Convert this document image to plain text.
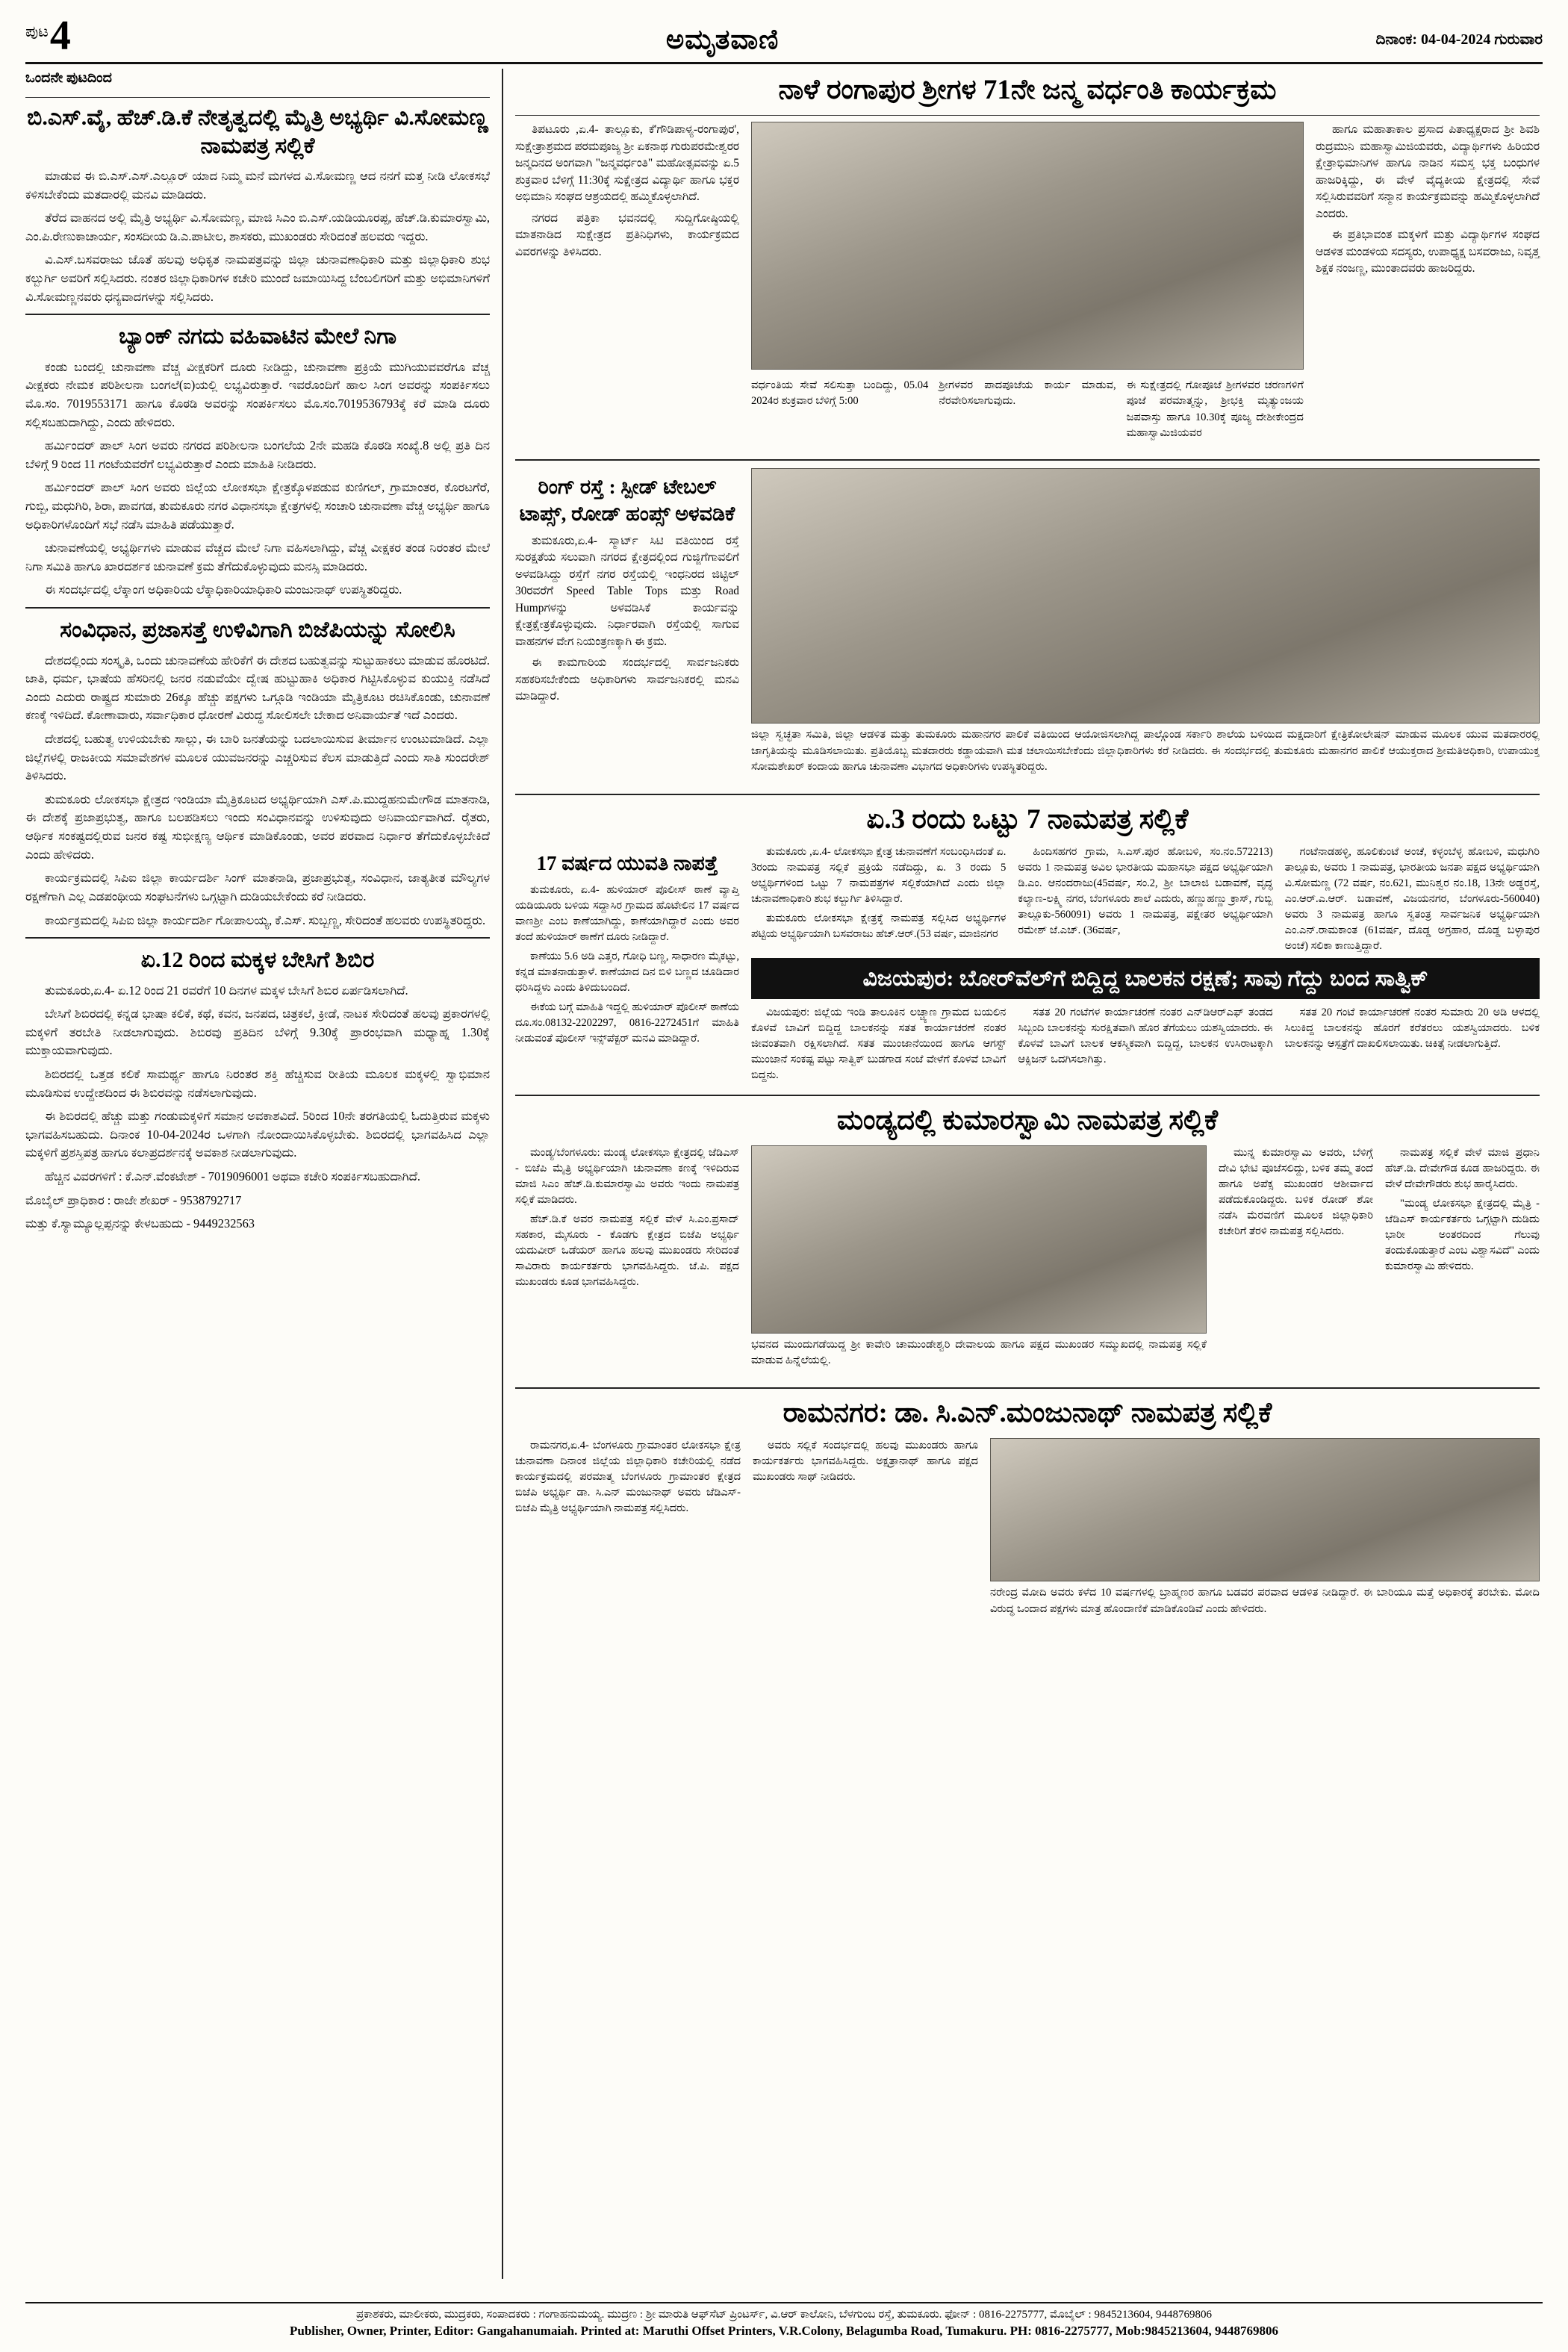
ಪುಟ 4	ಅಮೃತವಾಣಿ	ದಿನಾಂಕ: 04-04-2024 ಗುರುವಾರ
ಒಂದನೇ ಪುಟದಿಂದ
ಬಿ.ಎಸ್.ವೈ, ಹೆಚ್.ಡಿ.ಕೆ ನೇತೃತ್ವದಲ್ಲಿ ಮೈತ್ರಿ ಅಭ್ಯರ್ಥಿ ವಿ.ಸೋಮಣ್ಣ ನಾಮಪತ್ರ ಸಲ್ಲಿಕೆ

ಮಾಡುವ ಈ ಬಿ.ಎಸ್.ಎಸ್.ಎಲ್ಲೂರ್ ಯಾದ ನಿಮ್ಮ ಮನೆ ಮಗಳದ ವಿ.ಸೋಮಣ್ಣ ಆದ ನನಗೆ ಮತ್ತ ನೀಡಿ ಲೋಕಸಭೆ ಕಳಿಸಬೇಕೆಂದು ಮತದಾರಲ್ಲಿ ಮನವಿ ಮಾಡಿದರು.

ತೆರೆದ ವಾಹನದ ಅಲ್ಲಿ ಮೈತ್ರಿ ಅಭ್ಯರ್ಥಿ ವಿ.ಸೋಮಣ್ಣ, ಮಾಜಿ ಸಿಎಂ ಬಿ.ಎಸ್.ಯಡಿಯೂರಪ್ಪ, ಹೆಚ್.ಡಿ.ಕುಮಾರಸ್ವಾಮಿ, ಎಂ.ಪಿ.ರೇಣುಕಾಚಾರ್ಯ, ಸಂಸದೀಯ ಡಿ.ಎ.ಪಾಟೀಲ, ಶಾಸಕರು, ಮುಖಂಡರು ಸೇರಿದಂತೆ ಹಲವರು ಇದ್ದರು.

ವಿ.ಎಸ್.ಬಸವರಾಜು ಜೊತೆ ಹಲವು ಅಧಿಕೃತ ನಾಮಪತ್ರವನ್ನು ಜಿಲ್ಲಾ ಚುನಾವಣಾಧಿಕಾರಿ ಮತ್ತು ಜಿಲ್ಲಾಧಿಕಾರಿ ಶುಭ ಕಲ್ಬುರ್ಗಿ ಅವರಿಗೆ ಸಲ್ಲಿಸಿದರು. ನಂತರ ಜಿಲ್ಲಾಧಿಕಾರಿಗಳ ಕಚೇರಿ ಮುಂದೆ ಜಮಾಯಿಸಿದ್ದ ಬೆಂಬಲಿಗರಿಗೆ ಮತ್ತು ಅಭಿಮಾನಿಗಳಿಗೆ ವಿ.ಸೋಮಣ್ಣನವರು ಧನ್ಯವಾದಗಳನ್ನು ಸಲ್ಲಿಸಿದರು.

ಬ್ಯಾಂಕ್ ನಗದು ವಹಿವಾಟಿನ ಮೇಲೆ ನಿಗಾ

ಕಂಡು ಬಂದಲ್ಲಿ ಚುನಾವಣಾ ವೆಚ್ಚ ವೀಕ್ಷಕರಿಗೆ ದೂರು ನೀಡಿದ್ದು, ಚುನಾವಣಾ ಪ್ರಕ್ರಿಯೆ ಮುಗಿಯುವವರೆಗೂ ವೆಚ್ಚ ವೀಕ್ಷಕರು ನೇಮಕ ಪರಿಶೀಲನಾ ಬಂಗಲೆ(ಐ)ಯಲ್ಲಿ ಲಭ್ಯವಿರುತ್ತಾರೆ. ಇವರೊಂದಿಗೆ ಹಾಲ ಸಿಂಗ ಅವರನ್ನು ಸಂಪರ್ಕಿಸಲು ಮೊ.ಸಂ. 7019553171 ಹಾಗೂ ಕೊಠಡಿ ಅವರನ್ನು ಸಂಪರ್ಕಿಸಲು ಮೊ.ಸಂ.7019536793ಕ್ಕೆ ಕರೆ ಮಾಡಿ ದೂರು ಸಲ್ಲಿಸಬಹುದಾಗಿದ್ದು, ಎಂದು ಹೇಳಿದರು.

ಹರ್ಮಿಂದರ್ ಪಾಲ್ ಸಿಂಗ ಅವರು ನಗರದ ಪರಿಶೀಲನಾ ಬಂಗಲೆಯ 2ನೇ ಮಹಡಿ ಕೊಠಡಿ ಸಂಖ್ಯೆ.8 ಅಲ್ಲಿ ಪ್ರತಿ ದಿನ ಬೆಳಿಗ್ಗೆ 9 ರಿಂದ 11 ಗಂಟೆಯವರೆಗೆ ಲಭ್ಯವಿರುತ್ತಾರೆ ಎಂದು ಮಾಹಿತಿ ನೀಡಿದರು.

ಹರ್ಮಿಂದರ್ ಪಾಲ್ ಸಿಂಗ ಅವರು ಜಿಲ್ಲೆಯ ಲೋಕಸಭಾ ಕ್ಷೇತ್ರಕ್ಕೊಳಪಡುವ ಕುಣಿಗಲ್, ಗ್ರಾಮಾಂತರ, ಕೊರಟಗೆರೆ, ಗುಬ್ಬಿ, ಮಧುಗಿರಿ, ಶಿರಾ, ಪಾವಗಡ, ತುಮಕೂರು ನಗರ ವಿಧಾನಸಭಾ ಕ್ಷೇತ್ರಗಳಲ್ಲಿ ಸಂಚಾರಿ ಚುನಾವಣಾ ವೆಚ್ಚ ಅಭ್ಯರ್ಥಿ ಹಾಗೂ ಅಧಿಕಾರಿಗಳೊಂದಿಗೆ ಸಭೆ ನಡೆಸಿ ಮಾಹಿತಿ ಪಡೆಯುತ್ತಾರೆ.

ಚುನಾವಣೆಯಲ್ಲಿ ಅಭ್ಯರ್ಥಿಗಳು ಮಾಡುವ ವೆಚ್ಚದ ಮೇಲೆ ನಿಗಾ ವಹಿಸಲಾಗಿದ್ದು, ವೆಚ್ಚ ವೀಕ್ಷಕರ ತಂಡ ನಿರಂತರ ಮೇಲೆ ನಿಗಾ ಸಮಿತಿ ಹಾಗೂ ಖಾರದರ್ಶಕ ಚುನಾವಣೆ ಕ್ರಮ ತೆಗೆದುಕೊಳ್ಳುವುದು ಮನಸ್ಸಿ ಮಾಡಿದರು.

ಈ ಸಂದರ್ಭದಲ್ಲಿ ಲೆಕ್ಕಾಂಗ ಅಧಿಕಾರಿಯ ಲೆಕ್ಕಾಧಿಕಾರಿಯಾಧಿಕಾರಿ ಮಂಜುನಾಥ್ ಉಪಸ್ಥಿತರಿದ್ದರು.

ಸಂವಿಧಾನ, ಪ್ರಜಾಸತ್ತೆ ಉಳಿವಿಗಾಗಿ ಬಿಜೆಪಿಯನ್ನು ಸೋಲಿಸಿ

ದೇಶದಲ್ಲಿಂದು ಸಂಸ್ಕೃತಿ, ಒಂದು ಚುನಾವಣೆಯ ಹೇರಿಕೆಗೆ ಈ ದೇಶದ ಬಹುತ್ವವನ್ನು ಸುಟ್ಟುಹಾಕಲು ಮಾಡುವ ಹೊರಟಿದೆ. ಜಾತಿ, ಧರ್ಮ, ಭಾಷೆಯ ಹೆಸರಿನಲ್ಲಿ ಜನರ ನಡುವೆಯೇ ದ್ವೇಷ ಹುಟ್ಟುಹಾಕಿ ಅಧಿಕಾರ ಗಿಟ್ಟಿಸಿಕೊಳ್ಳುವ ಕುಯುಕ್ತಿ ನಡೆಸಿದೆ ಎಂದು ಎದುರು ರಾಷ್ಟ್ರದ ಸುಮಾರು 26ಕ್ಕೂ ಹೆಚ್ಚು ಪಕ್ಷಗಳು ಒಗ್ಗೂಡಿ ಇಂಡಿಯಾ ಮೈತ್ರಿಕೂಟ ರಚಿಸಿಕೊಂಡು, ಚುನಾವಣೆ ಕಣಕ್ಕೆ ಇಳಿದಿದೆ. ಕೋಣಾವಾರು, ಸರ್ವಾಧಿಕಾರ ಧೋರಣೆ ವಿರುದ್ಧ ಸೋಲಿಸಲೇ ಬೇಕಾದ ಅನಿವಾರ್ಯತೆ ಇದೆ ಎಂದರು.

ದೇಶದಲ್ಲಿ ಬಹುತ್ವ ಉಳಿಯಬೇಕು ಸಾಲ್ಲು, ಈ ಬಾರಿ ಜನತೆಯನ್ನು ಬದಲಾಯಿಸುವ ತೀರ್ಮಾನ ಉಂಟುಮಾಡಿದೆ. ಎಲ್ಲಾ ಜಿಲ್ಲೆಗಳಲ್ಲಿ ರಾಜಕೀಯ ಸಮಾವೇಶಗಳ ಮೂಲಕ ಯುವಜನರನ್ನು ಎಚ್ಚರಿಸುವ ಕೆಲಸ ಮಾಡುತ್ತಿದೆ ಎಂದು ಸಾತಿ ಸುಂದರೇಶ್ ತಿಳಿಸಿದರು.

ತುಮಕೂರು ಲೋಕಸಭಾ ಕ್ಷೇತ್ರದ ಇಂಡಿಯಾ ಮೈತ್ರಿಕೂಟದ ಅಭ್ಯರ್ಥಿಯಾಗಿ ಎಸ್.ಪಿ.ಮುದ್ದಹನುಮೇಗೌಡ ಮಾತನಾಡಿ, ಈ ದೇಶಕ್ಕೆ ಪ್ರಜಾಪ್ರಭುತ್ವ, ಹಾಗೂ ಬಲಪಡಿಸಲು ಇಂದು ಸಂವಿಧಾನವನ್ನು ಉಳಿಸುವುದು ಅನಿವಾರ್ಯವಾಗಿದೆ. ರೈತರು, ಆರ್ಥಿಕ ಸಂಕಷ್ಟದಲ್ಲಿರುವ ಜನರ ಕಷ್ಟ ಸುಭೀಕ್ಷಣ್ಯ ಆರ್ಥಿಕ ಮಾಡಿಕೊಂಡು, ಅವರ ಪರವಾದ ನಿರ್ಧಾರ ತೆಗೆದುಕೊಳ್ಳಬೇಕಿದೆ ಎಂದು ಹೇಳಿದರು.

ಕಾರ್ಯಕ್ರಮದಲ್ಲಿ ಸಿಪಿಐ ಜಿಲ್ಲಾ ಕಾರ್ಯದರ್ಶಿ ಸಿಂಗ್ ಮಾತನಾಡಿ, ಪ್ರಜಾಪ್ರಭುತ್ವ, ಸಂವಿಧಾನ, ಜಾತ್ಯತೀತ ಮೌಲ್ಯಗಳ ರಕ್ಷಣೆಗಾಗಿ ಎಲ್ಲ ಎಡಪಂಥೀಯ ಸಂಘಟನೆಗಳು ಒಗ್ಗಟ್ಟಾಗಿ ದುಡಿಯಬೇಕೆಂದು ಕರೆ ನೀಡಿದರು.

ಕಾರ್ಯಕ್ರಮದಲ್ಲಿ ಸಿಪಿಐ ಜಿಲ್ಲಾ ಕಾರ್ಯದರ್ಶಿ ಗೋಪಾಲಯ್ಯ, ಕೆ.ಎಸ್. ಸುಬ್ಬಣ್ಣ, ಸೇರಿದಂತೆ ಹಲವರು ಉಪಸ್ಥಿತರಿದ್ದರು.

ಏ.12 ರಿಂದ ಮಕ್ಕಳ ಬೇಸಿಗೆ ಶಿಬಿರ

ತುಮಕೂರು,ಏ.4- ಏ.12 ರಿಂದ 21 ರವರೆಗೆ 10 ದಿನಗಳ ಮಕ್ಕಳ ಬೇಸಿಗೆ ಶಿಬಿರ ಏರ್ಪಡಿಸಲಾಗಿದೆ.

ಬೇಸಿಗೆ ಶಿಬಿರದಲ್ಲಿ ಕನ್ನಡ ಭಾಷಾ ಕಲಿಕೆ, ಕಥೆ, ಕವನ, ಜನಪದ, ಚಿತ್ರಕಲೆ, ಕ್ರೀಡೆ, ನಾಟಕ ಸೇರಿದಂತೆ ಹಲವು ಪ್ರಕಾರಗಳಲ್ಲಿ ಮಕ್ಕಳಿಗೆ ತರಬೇತಿ ನೀಡಲಾಗುವುದು. ಶಿಬಿರವು ಪ್ರತಿದಿನ ಬೆಳಿಗ್ಗೆ 9.30ಕ್ಕೆ ಪ್ರಾರಂಭವಾಗಿ ಮಧ್ಯಾಹ್ನ 1.30ಕ್ಕೆ ಮುಕ್ತಾಯವಾಗುವುದು.

ಶಿಬಿರದಲ್ಲಿ ಒತ್ತಡ ಕಲಿಕೆ ಸಾಮರ್ಥ್ಯ ಹಾಗೂ ನಿರಂತರ ಶಕ್ತಿ ಹೆಚ್ಚಿಸುವ ರೀತಿಯ ಮೂಲಕ ಮಕ್ಕಳಲ್ಲಿ ಸ್ವಾಭಿಮಾನ ಮೂಡಿಸುವ ಉದ್ದೇಶದಿಂದ ಈ ಶಿಬಿರವನ್ನು ನಡೆಸಲಾಗುವುದು.

ಈ ಶಿಬಿರದಲ್ಲಿ ಹೆಚ್ಚು ಮತ್ತು ಗಂಡುಮಕ್ಕಳಿಗೆ ಸಮಾನ ಅವಕಾಶವಿದೆ. 5ರಿಂದ 10ನೇ ತರಗತಿಯಲ್ಲಿ ಓದುತ್ತಿರುವ ಮಕ್ಕಳು ಭಾಗವಹಿಸಬಹುದು. ದಿನಾಂಕ 10-04-2024ರ ಒಳಗಾಗಿ ನೋಂದಾಯಿಸಿಕೊಳ್ಳಬೇಕು. ಶಿಬಿರದಲ್ಲಿ ಭಾಗವಹಿಸಿದ ಎಲ್ಲಾ ಮಕ್ಕಳಿಗೆ ಪ್ರಶಸ್ತಿಪತ್ರ ಹಾಗೂ ಕಲಾಪ್ರದರ್ಶನಕ್ಕೆ ಅವಕಾಶ ನೀಡಲಾಗುವುದು.

ಹೆಚ್ಚಿನ ವಿವರಗಳಿಗೆ : ಕೆ.ಎನ್.ವೆಂಕಟೇಶ್ - 7019096001 ಅಥವಾ ಕಚೇರಿ ಸಂಪರ್ಕಿಸಬಹುದಾಗಿದೆ.

ಮೊಬೈಲ್ ಪ್ರಾಧಿಕಾರ : ರಾಜೇ ಶೇಖರ್ - 9538792717

ಮತ್ತು ಕೆ.ಸ್ಯಾಮ್ಯೂಲ್ಲಪ್ಪನನ್ನು ಕೇಳಬಹುದು - 9449232563

ನಾಳೆ ರಂಗಾಪುರ ಶ್ರೀಗಳ 71ನೇ ಜನ್ಮ ವರ್ಧಂತಿ ಕಾರ್ಯಕ್ರಮ

ತಿಪಟೂರು ,ಏ.4- ತಾಲ್ಲೂಕು, ಕೆ'ಗೌಡಿಪಾಳ್ಯ-ರಂಗಾಪುರ', ಸುಕ್ಷೇತ್ರಾಶ್ರಮದ ಪರಮಪೂಜ್ಯ ಶ್ರೀ ಏಕನಾಥ ಗುರುಪರಮೇಶ್ವರರ ಜನ್ಮದಿನದ ಅಂಗವಾಗಿ "ಜನ್ಮವರ್ಧಂತಿ" ಮಹೋತ್ಸವವನ್ನು ಏ.5 ಶುಕ್ರವಾರ ಬೆಳಿಗ್ಗೆ 11:30ಕ್ಕೆ ಸುಕ್ಷೇತ್ರದ ವಿದ್ಯಾರ್ಥಿ ಹಾಗೂ ಭಕ್ತರ ಅಭಿಮಾನಿ ಸಂಘದ ಆಶ್ರಯದಲ್ಲಿ ಹಮ್ಮಿಕೊಳ್ಳಲಾಗಿದೆ.

ನಗರದ ಪತ್ರಿಕಾ ಭವನದಲ್ಲಿ ಸುದ್ದಿಗೋಷ್ಠಿಯಲ್ಲಿ ಮಾತನಾಡಿದ ಸುಕ್ಷೇತ್ರದ ಪ್ರತಿನಿಧಿಗಳು, ಕಾರ್ಯಕ್ರಮದ ವಿವರಗಳನ್ನು ತಿಳಿಸಿದರು.

ವರ್ಧಂತಿಯ ಸೇವೆ ಸಲಿಸುತ್ತಾ ಬಂದಿದ್ದು, 05.04 2024ರ ಶುಕ್ರವಾರ ಬೆಳಿಗ್ಗೆ 5:00

ಶ್ರೀಗಳವರ ಪಾದಪೂಜೆಯ ಕಾರ್ಯ ಮಾಡುವ, ನೆರವೇರಿಸಲಾಗುವುದು.

ಈ ಸುಕ್ಷೇತ್ರದಲ್ಲಿ ಗೋಪೂಜೆ ಶ್ರೀಗಳವರ ಚರಣಗಳಿಗೆ ಪೂಜೆ ಪರಮಾತ್ಮನ್ನು, ಶ್ರೀಭಕ್ತಿ ಮೃತ್ಯುಂಜಯ ಜಪವಾಸ್ತು ಹಾಗೂ 10.30ಕ್ಕೆ ಪೂಜ್ಯ ದೇಶೀಕೇಂದ್ರದ ಮಹಾಸ್ವಾಮಿಜಿಯವರ

ಹಾಗೂ ಮಹಾತಾಕಾಲ ಪ್ರಸಾದ ಪಿತಾಧ್ಯಕ್ಷರಾದ ಶ್ರೀ ಶಿವಶಿ ರುದ್ರಮುನಿ ಮಹಾಸ್ವಾಮಿಜಿಯವರು, ವಿದ್ಯಾರ್ಥಿಗಳು ಹಿರಿಯರ ಕ್ಷೇತ್ರಾಭಿಮಾನಿಗಳ ಹಾಗೂ ನಾಡಿನ ಸಮಸ್ತ ಭಕ್ತ ಬಂಧುಗಳ ಹಾಜರಿಕ್ಕಿದ್ದು, ಈ ವೇಳೆ ವೈದ್ಯಕೀಯ ಕ್ಷೇತ್ರದಲ್ಲಿ ಸೇವೆ ಸಲ್ಲಿಸಿರುವವರಿಗೆ ಸನ್ಮಾನ ಕಾರ್ಯಕ್ರಮವನ್ನು ಹಮ್ಮಿಕೊಳ್ಳಲಾಗಿದೆ ಎಂದರು.

ಈ ಪ್ರತಿಭಾವಂತ ಮಕ್ಕಳಿಗೆ ಮತ್ತು ವಿದ್ಯಾರ್ಥಿಗಳ ಸಂಘದ ಆಡಳಿತ ಮಂಡಳಿಯ ಸದಸ್ಯರು, ಉಪಾಧ್ಯಕ್ಷ ಬಸವರಾಜು, ನಿವೃತ್ತ ಶಿಕ್ಷಕ ನಂಜಣ್ಣ, ಮುಂತಾದವರು ಹಾಜರಿದ್ದರು.

ರಿಂಗ್ ರಸ್ತೆ : ಸ್ಪೀಡ್ ಟೇಬಲ್ ಟಾಪ್ಸ್, ರೋಡ್ ಹಂಪ್ಸ್ ಅಳವಡಿಕೆ

ತುಮಕೂರು,ಏ.4- ಸ್ಮಾರ್ಟ್ ಸಿಟಿ ವತಿಯಿಂದ ರಸ್ತೆ ಸುರಕ್ಷತೆಯ ಸಲುವಾಗಿ ನಗರದ ಕ್ಷೇತ್ರದಲ್ಲಿಂದ ಗುಜ್ಜಿಗೆಗಾವಲಿಗೆ ಅಳವಡಿಸಿದ್ದು ರಸ್ತೆಗೆ ನಗರ ರಸ್ತೆಯಲ್ಲಿ ಇಂಧನಿರದ ಜಿಟ್ಟಿಲ್ 30ರವರೆಗೆ Speed Table Tops ಮತ್ತು Road Humpಗಳನ್ನು ಅಳವಡಿಸಿಕೆ ಕಾರ್ಯವನ್ನು ಕ್ಷೇತ್ರಕ್ಷೇತ್ರಕೊಳ್ಳುವುದು. ನಿರ್ಧಾರವಾಗಿ ರಸ್ತೆಯಲ್ಲಿ ಸಾಗುವ ವಾಹನಗಳ ವೇಗ ನಿಯಂತ್ರಣಕ್ಕಾಗಿ ಈ ಕ್ರಮ.

ಈ ಕಾಮಗಾರಿಯ ಸಂದರ್ಭದಲ್ಲಿ ಸಾರ್ವಜನಿಕರು ಸಹಕರಿಸಬೇಕೆಂದು ಅಧಿಕಾರಿಗಳು ಸಾರ್ವಜನಿಕರಲ್ಲಿ ಮನವಿ ಮಾಡಿದ್ದಾರೆ.

ಜಿಲ್ಲಾ ಸ್ವಚ್ಛತಾ ಸಮಿತಿ, ಜಿಲ್ಲಾ ಆಡಳಿತ ಮತ್ತು ತುಮಕೂರು ಮಹಾನಗರ ಪಾಲಿಕೆ ವತಿಯಿಂದ ಆಯೋಜಿಸಲಾಗಿದ್ದ ಪಾಲ್ಗೊಂಡ ಸರ್ಕಾರಿ ಶಾಲೆಯ ಬಳಿಯಿದ ಮಕ್ಷದಾರಿಗೆ ಕ್ಷೇತ್ರಿಕೋಲೇಷನ್ ಮಾಡುವ ಮೂಲಕ ಯುವ ಮತದಾರರಲ್ಲಿ ಜಾಗೃತಿಯನ್ನು ಮೂಡಿಸಲಾಯಿತು. ಪ್ರತಿಯೊಬ್ಬ ಮತದಾರರು ಕಡ್ಡಾಯವಾಗಿ ಮತ ಚಲಾಯಿಸಬೇಕೆಂದು ಜಿಲ್ಲಾಧಿಕಾರಿಗಳು ಕರೆ ನೀಡಿದರು. ಈ ಸಂದರ್ಭದಲ್ಲಿ ತುಮಕೂರು ಮಹಾನಗರ ಪಾಲಿಕೆ ಆಯುಕ್ತರಾದ ಶ್ರೀಮತಿಅಧಿಕಾರಿ, ಉಪಾಯುಕ್ತ ಸೋಮಶೇಖರ್ ಕಂದಾಯ ಹಾಗೂ ಚುನಾವಣಾ ವಿಭಾಗದ ಅಧಿಕಾರಿಗಳು ಉಪಸ್ಥಿತರಿದ್ದರು.

ಏ.3 ರಂದು ಒಟ್ಟು 7 ನಾಮಪತ್ರ ಸಲ್ಲಿಕೆ
17 ವರ್ಷದ ಯುವತಿ ನಾಪತ್ತೆ

ತುಮಕೂರು, ಏ.4- ಹುಳಿಯಾರ್ ಪೊಲೀಸ್ ಠಾಣೆ ವ್ಯಾಪ್ತಿ ಯಡಿಯೂರು ಬಳಿಯ ಸದ್ದಾಸಿರ ಗ್ರಾಮದ ಹೊಟೇಲಿನ 17 ವರ್ಷದ ವಾಣಶ್ರೀ ಎಂಬ ಕಾಣೆಯಾಗಿದ್ದು, ಕಾಣೆಯಾಗಿದ್ದಾರೆ ಎಂದು ಅವರ ತಂದೆ ಹುಳಿಯಾರ್ ಠಾಣೆಗೆ ದೂರು ನೀಡಿದ್ದಾರೆ.

ಕಾಣೆಯು 5.6 ಅಡಿ ಎತ್ತರ, ಗೋಧಿ ಬಣ್ಣ, ಸಾಧಾರಣ ಮೈಕಟ್ಟು, ಕನ್ನಡ ಮಾತನಾಡುತ್ತಾಳೆ. ಕಾಣೆಯಾದ ದಿನ ಬಿಳಿ ಬಣ್ಣದ ಚೂಡಿದಾರ ಧರಿಸಿದ್ದಳು ಎಂದು ತಿಳಿದುಬಂದಿದೆ.

ಈಕೆಯ ಬಗ್ಗೆ ಮಾಹಿತಿ ಇದ್ದಲ್ಲಿ ಹುಳಿಯಾರ್ ಪೊಲೀಸ್ ಠಾಣೆಯ ದೂ.ಸಂ.08132-2202297, 0816-2272451ಗೆ ಮಾಹಿತಿ ನೀಡುವಂತೆ ಪೊಲೀಸ್ ಇನ್ಸ್‌ಪೆಕ್ಟರ್ ಮನವಿ ಮಾಡಿದ್ದಾರೆ.

ತುಮಕೂರು ,ಏ.4- ಲೋಕಸಭಾ ಕ್ಷೇತ್ರ ಚುನಾವಣೆಗೆ ಸಂಬಂಧಿಸಿದಂತೆ ಏ. 3ರಂದು ನಾಮಪತ್ರ ಸಲ್ಲಿಕೆ ಪ್ರಕ್ರಿಯೆ ನಡೆದಿದ್ದು, ಏ. 3 ರಂದು 5 ಅಭ್ಯರ್ಥಿಗಳಿಂದ ಒಟ್ಟು 7 ನಾಮಪತ್ರಗಳ ಸಲ್ಲಿಕೆಯಾಗಿದೆ ಎಂದು ಜಿಲ್ಲಾ ಚುನಾವಣಾಧಿಕಾರಿ ಶುಭ ಕಲ್ಬುರ್ಗಿ ತಿಳಿಸಿದ್ದಾರೆ.

ತುಮಕೂರು ಲೋಕಸಭಾ ಕ್ಷೇತ್ರಕ್ಕೆ ನಾಮಪತ್ರ ಸಲ್ಲಿಸಿದ ಅಭ್ಯರ್ಥಿಗಳ ಪಟ್ಟಿಯ ಅಭ್ಯರ್ಥಿಯಾಗಿ ಬಸವರಾಜು ಹೆಚ್.ಆರ್.(53 ವರ್ಷ, ಮಾಜಿನಗರ

ಹಿಂದಿಸಹಗರ ಗ್ರಾಮ, ಸಿ.ಎಸ್.ಪುರ ಹೋಬಳಿ, ಸಂ.ನಂ.572213) ಅವರು 1 ನಾಮಪತ್ರ ಅವಿಲ ಭಾರತೀಯ ಮಹಾಸಭಾ ಪಕ್ಷದ ಅಭ್ಯರ್ಥಿಯಾಗಿ ಡಿ.ಎಂ. ಆನಂದರಾಜು(45ವರ್ಷ, ಸಂ.2, ಶ್ರೀ ಬಾಲಾಜಿ ಬಡಾವಣೆ, ವೃದ್ಧ ಕಲ್ಯಾಣ-ಲಕ್ಷ್ಮಿ ನಗರ, ಬೆಂಗಳೂರು ಶಾಲೆ ಎದುರು, ಹಣ್ಣುಹಣ್ಣು ಕ್ರಾಸ್, ಗುಬ್ಬಿ ತಾಲ್ಲೂಕು-560091) ಅವರು 1 ನಾಮಪತ್ರ, ಪಕ್ಷೇತರ ಅಭ್ಯರ್ಥಿಯಾಗಿ ರಮೇಶ್ ಜೆ.ಎಚ್. (36ವರ್ಷ,

ಗಂಟೆನಾಡಹಳ್ಳಿ, ಹೂಲಿಕುಂಟೆ ಅಂಚೆ, ಕಳ್ಳಂಬೆಳ್ಳ ಹೋಬಳಿ, ಮಧುಗಿರಿ ತಾಲ್ಲೂಕು, ಅವರು 1 ನಾಮಪತ್ರ, ಭಾರತೀಯ ಜನತಾ ಪಕ್ಷದ ಅಭ್ಯರ್ಥಿಯಾಗಿ ವಿ.ಸೋಮಣ್ಣ (72 ವರ್ಷ, ನಂ.621, ಮುನಿಶ್ವರ ನಂ.18, 13ನೇ ಅಡ್ಡರಸ್ತೆ, ಎಂ.ಆರ್.ಎ.ಆರ್. ಬಡಾವಣೆ, ವಿಜಯನಗರ, ಬೆಂಗಳೂರು-560040) ಅವರು 3 ನಾಮಪತ್ರ ಹಾಗೂ ಸ್ವತಂತ್ರ ಸಾರ್ವಜನಿಕ ಅಭ್ಯರ್ಥಿಯಾಗಿ ಎಂ.ಎನ್.ರಾಮಕಾಂತ (61ವರ್ಷ, ದೊಡ್ಡ ಅಗ್ರಹಾರ, ದೊಡ್ಡ ಬಳ್ಳಾಪುರ ಅಂಚೆ) ಸಲಿಕಾ ಕಾಣುತ್ತಿದ್ದಾರೆ.

ವಿಜಯಪುರ: ಬೋರ್‌ವೆಲ್‌ಗೆ ಬಿದ್ದಿದ್ದ ಬಾಲಕನ ರಕ್ಷಣೆ; ಸಾವು ಗೆದ್ದು ಬಂದ ಸಾತ್ವಿಕ್

ವಿಜಯಪುರ: ಜಿಲ್ಲೆಯ ಇಂಡಿ ತಾಲೂಕಿನ ಲಚ್ಚ್ಯಾಣ ಗ್ರಾಮದ ಬಯಲಿನ ಕೊಳವೆ ಬಾವಿಗೆ ಬಿದ್ದಿದ್ದ ಬಾಲಕನನ್ನು ಸತತ ಕಾರ್ಯಾಚರಣೆ ನಂತರ ಜೀವಂತವಾಗಿ ರಕ್ಷಿಸಲಾಗಿದೆ. ಸತತ ಮುಂಜಾನೆಯಿಂದ ಹಾಗೂ ಆಗಸ್ಟ್ ಮುಂಜಾನೆ ಸಂಕಷ್ಟ ಪಟ್ಟು ಸಾತ್ವಿಕ್ ಬುಡಗಾಡ ಸಂಜೆ ವೇಳೆಗೆ ಕೊಳವೆ ಬಾವಿಗೆ ಬಿದ್ದನು.

ಸತತ 20 ಗಂಟೆಗಳ ಕಾರ್ಯಾಚರಣೆ ನಂತರ ಎನ್‌ಡಿಆರ್‌ಎಫ್ ತಂಡದ ಸಿಬ್ಬಂದಿ ಬಾಲಕನನ್ನು ಸುರಕ್ಷಿತವಾಗಿ ಹೊರ ತೆಗೆಯಲು ಯಶಸ್ವಿಯಾದರು. ಈ ಕೊಳವೆ ಬಾವಿಗೆ ಬಾಲಕ ಆಕಸ್ಮಿಕವಾಗಿ ಬಿದ್ದಿದ್ದ, ಬಾಲಕನ ಉಸಿರಾಟಕ್ಕಾಗಿ ಆಕ್ಸಿಜನ್ ಒದಗಿಸಲಾಗಿತ್ತು.

ಸತತ 20 ಗಂಟೆ ಕಾರ್ಯಾಚರಣೆ ನಂತರ ಸುಮಾರು 20 ಅಡಿ ಆಳದಲ್ಲಿ ಸಿಲುಕಿದ್ದ ಬಾಲಕನನ್ನು ಹೊರಗೆ ಕರೆತರಲು ಯಶಸ್ವಿಯಾದರು. ಬಳಿಕ ಬಾಲಕನನ್ನು ಆಸ್ಪತ್ರೆಗೆ ದಾಖಲಿಸಲಾಯಿತು. ಚಿಕಿತ್ಸೆ ನೀಡಲಾಗುತ್ತಿದೆ.

ಮಂಡ್ಯದಲ್ಲಿ ಕುಮಾರಸ್ವಾಮಿ ನಾಮಪತ್ರ ಸಲ್ಲಿಕೆ

ಮಂಡ್ಯ/ಬೆಂಗಳೂರು: ಮಂಡ್ಯ ಲೋಕಸಭಾ ಕ್ಷೇತ್ರದಲ್ಲಿ ಜೆಡಿಎಸ್ - ಬಿಜೆಪಿ ಮೈತ್ರಿ ಅಭ್ಯರ್ಥಿಯಾಗಿ ಚುನಾವಣಾ ಕಣಕ್ಕೆ ಇಳಿದಿರುವ ಮಾಜಿ ಸಿಎಂ ಹೆಚ್.ಡಿ.ಕುಮಾರಸ್ವಾಮಿ ಅವರು ಇಂದು ನಾಮಪತ್ರ ಸಲ್ಲಿಕೆ ಮಾಡಿದರು.

ಹೆಚ್.ಡಿ.ಕೆ ಅವರ ನಾಮಪತ್ರ ಸಲ್ಲಿಕೆ ವೇಳೆ ಸಿ.ಎಂ.ಪ್ರಸಾದ್ ಸಹಕಾರ, ಮೈಸೂರು - ಕೊಡಗು ಕ್ಷೇತ್ರದ ಬಿಜೆಪಿ ಅಭ್ಯರ್ಥಿ ಯದುವೀರ್ ಒಡೆಯರ್ ಹಾಗೂ ಹಲವು ಮುಖಂಡರು ಸೇರಿದಂತೆ ಸಾವಿರಾರು ಕಾರ್ಯಕರ್ತರು ಭಾಗವಹಿಸಿದ್ದರು. ಜೆ.ಪಿ. ಪಕ್ಷದ ಮುಖಂಡರು ಕೂಡ ಭಾಗವಹಿಸಿದ್ದರು.

ಭವನದ ಮುಂದುಗಡೆಯಿದ್ದ ಶ್ರೀ ಕಾವೇರಿ ಚಾಮುಂಡೇಶ್ವರಿ ದೇವಾಲಯ ಹಾಗೂ ಪಕ್ಷದ ಮುಖಂಡರ ಸಮ್ಮುಖದಲ್ಲಿ ನಾಮಪತ್ರ ಸಲ್ಲಿಕೆ ಮಾಡುವ ಹಿನ್ನೆಲೆಯಲ್ಲಿ.

ಮುನ್ನ ಕುಮಾರಸ್ವಾಮಿ ಅವರು, ಬೆಳಿಗ್ಗೆ ದೇವಿ ಭೇಟಿ ಪೂಜೆಸಲಿದ್ದು, ಬಳಿಕ ತಮ್ಮ ತಂದೆ ಹಾಗೂ ಅಪೆಕ್ಸ ಮುಖಂಡರ ಆಶೀರ್ವಾದ ಪಡೆದುಕೊಂಡಿದ್ದರು. ಬಳಿಕ ರೋಡ್ ಶೋ ನಡೆಸಿ ಮೆರವಣಿಗೆ ಮೂಲಕ ಜಿಲ್ಲಾಧಿಕಾರಿ ಕಚೇರಿಗೆ ತೆರಳಿ ನಾಮಪತ್ರ ಸಲ್ಲಿಸಿದರು.

ನಾಮಪತ್ರ ಸಲ್ಲಿಕೆ ವೇಳೆ ಮಾಜಿ ಪ್ರಧಾನಿ ಹೆಚ್.ಡಿ. ದೇವೇಗೌಡ ಕೂಡ ಹಾಜರಿದ್ದರು. ಈ ವೇಳೆ ದೇವೇಗೌಡರು ಶುಭ ಹಾರೈಸಿದರು.

"ಮಂಡ್ಯ ಲೋಕಸಭಾ ಕ್ಷೇತ್ರದಲ್ಲಿ ಮೈತ್ರಿ - ಜೆಡಿಎಸ್ ಕಾರ್ಯಕರ್ತರು ಒಗ್ಗಟ್ಟಾಗಿ ದುಡಿದು ಭಾರೀ ಅಂತರದಿಂದ ಗೆಲುವು ತಂದುಕೊಡುತ್ತಾರೆ ಎಂಬ ವಿಶ್ವಾಸವಿದೆ" ಎಂದು ಕುಮಾರಸ್ವಾಮಿ ಹೇಳಿದರು.

ರಾಮನಗರ: ಡಾ. ಸಿ.ಎನ್.ಮಂಜುನಾಥ್ ನಾಮಪತ್ರ ಸಲ್ಲಿಕೆ

ರಾಮನಗರ,ಏ.4- ಬೆಂಗಳೂರು ಗ್ರಾಮಾಂತರ ಲೋಕಸಭಾ ಕ್ಷೇತ್ರ ಚುನಾವಣಾ ದಿನಾಂಕ ಜಿಲ್ಲೆಯ ಜಿಲ್ಲಾಧಿಕಾರಿ ಕಚೇರಿಯಲ್ಲಿ ನಡೆದ ಕಾರ್ಯಕ್ರಮದಲ್ಲಿ ಪರಮಾತ್ಮ ಬೆಂಗಳೂರು ಗ್ರಾಮಾಂತರ ಕ್ಷೇತ್ರದ ಬಿಜೆಪಿ ಅಭ್ಯರ್ಥಿ ಡಾ. ಸಿ.ಎನ್ ಮಂಜುನಾಥ್ ಅವರು ಜೆಡಿಎಸ್-ಬಿಜೆಪಿ ಮೈತ್ರಿ ಅಭ್ಯರ್ಥಿಯಾಗಿ ನಾಮಪತ್ರ ಸಲ್ಲಿಸಿದರು.

ಅವರು ಸಲ್ಲಿಕೆ ಸಂದರ್ಭದಲ್ಲಿ ಹಲವು ಮುಖಂಡರು ಹಾಗೂ ಕಾರ್ಯಕರ್ತರು ಭಾಗವಹಿಸಿದ್ದರು. ಅಕ್ಷತ್ರಾನಾಥ್ ಹಾಗೂ ಪಕ್ಷದ ಮುಖಂಡರು ಸಾಥ್ ನೀಡಿದರು.

ನರೇಂದ್ರ ಮೋದಿ ಅವರು ಕಳೆದ 10 ವರ್ಷಗಳಲ್ಲಿ ಬ್ರಾಹ್ಮಣರ ಹಾಗೂ ಬಡವರ ಪರವಾದ ಆಡಳಿತ ನೀಡಿದ್ದಾರೆ. ಈ ಬಾರಿಯೂ ಮತ್ತೆ ಅಧಿಕಾರಕ್ಕೆ ತರಬೇಕು. ಮೋದಿ ವಿರುದ್ಧ ಒಂದಾದ ಪಕ್ಷಗಳು ಮಾತ್ರ ಹೊಂದಾಣಿಕೆ ಮಾಡಿಕೊಂಡಿವೆ ಎಂದು ಹೇಳಿದರು.

ಪ್ರಕಾಶಕರು, ಮಾಲೀಕರು, ಮುದ್ರಕರು, ಸಂಪಾದಕರು : ಗಂಗಾಹನುಮಯ್ಯ. ಮುದ್ರಣ : ಶ್ರೀ ಮಾರುತಿ ಆಫ್‌ಸೆಟ್ ಪ್ರಿಂಟರ್ಸ್, ವಿ.ಆರ್ ಕಾಲೋನಿ, ಬೆಳಗುಂಬ ರಸ್ತೆ, ತುಮಕೂರು. ಫೋನ್ : 0816-2275777, ಮೊಬೈಲ್ : 9845213604, 9448769806
Publisher, Owner, Printer, Editor: Gangahanumaiah. Printed at: Maruthi Offset Printers, V.R.Colony, Belagumba Road, Tumakuru. PH: 0816-2275777, Mob:9845213604, 9448769806
